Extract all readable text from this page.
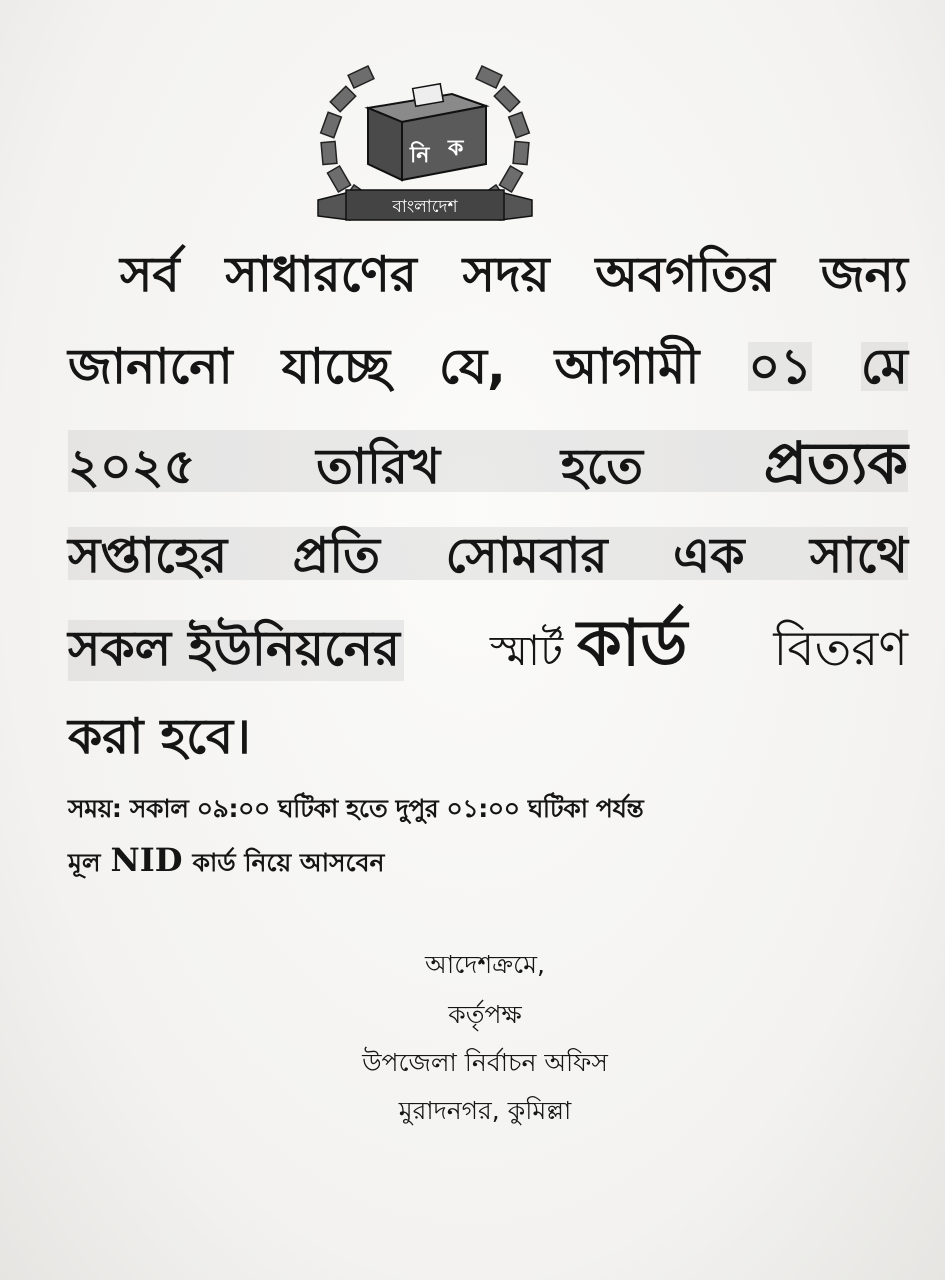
নি ক
বাংলাদেশ
সর্ব সাধারণের সদয় অবগতির জন্য
জানানো যাচ্ছে যে, আগামী ০১ মে
২০২৫ তারিখ হতে প্রত্যক
সপ্তাহের প্রতি সোমবার এক সাথে
সকল ইউনিয়নের স্মার্ট কার্ড বিতরণ
করা হবে।
সময়: সকাল ০৯:০০ ঘটিকা হতে দুপুর ০১:০০ ঘটিকা পর্যন্ত
মূল NID কার্ড নিয়ে আসবেন
আদেশক্রমে,
কর্তৃপক্ষ
উপজেলা নির্বাচন অফিস
মুরাদনগর, কুমিল্লা
